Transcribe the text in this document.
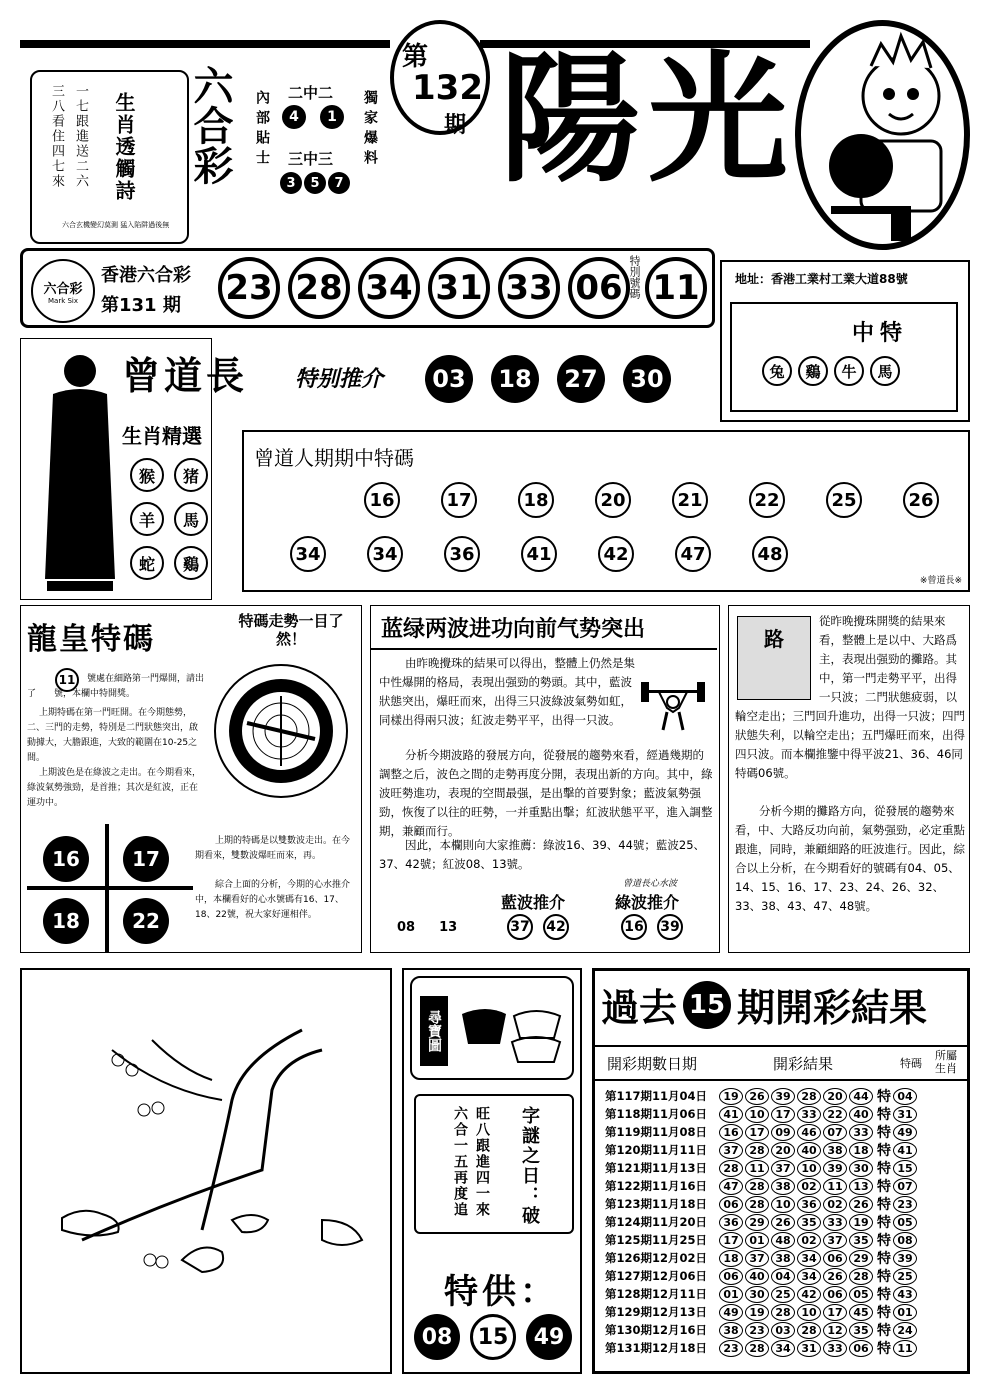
一七跟進送二六
三八看住四七來 生肖透觸詩
六合玄機變幻莫測 猛入陷阱過後無
六合彩 內部貼士 二中二
4	1
三中三
3	5	7
獨家爆料
第
132
期 陽光
六合彩
Mark Six
香港六合彩
第131 期 23 28 34 31 33 06 特別號碼 11	地址：香港工業村工業大道88號
中特
兔 鷄 牛 馬
曾道長 特别推介 03 18 27 30
生肖精選
猴 猪
羊 馬
蛇 鷄
曾道人期期中特碼
16	17	18	20	21	22	25	26
34	34	36	41	42	47	48
※曾道長※
龍皇特碼
特碼走勢一目了然！
11	號處在細路第一門爆開，請出了　　號，本欄中特開獎。
上期特碼在第一門旺開。在今期態勢，二、三門的走勢，特別是二門狀態突出，啟動據大，大膽跟進，大致的範圍在10-25之間。
上期波色是在綠波之走出。在今期看來，綠波氣勢強勁，是首推；其次是紅波，正在運功中。
16	17
18	22
上期的特碼是以雙數波走出。在今期看來，雙數波爆旺而來，再。
綜合上面的分析，今期的心水推介中，本欄看好的心水號碼有16、17、18、22號，祝大家好運相伴。
蓝绿两波进功向前气势突出
由昨晚攪珠的結果可以得出，整體上仍然是集中性爆開的格局，表現出强勁的勢頭。其中，藍波狀態突出，爆旺而來，出得三只波綠波氣勢如虹，同樣出得兩只波；紅波走勢平平，出得一只波。
分析今期波路的發展方向，從發展的趨勢來看，經過幾期的調整之后，波色之間的走勢再度分開，表現出新的方向。其中，綠波旺勢進功，表現的空間最强，是出擊的首要對象；藍波氣勢强勁，恢復了以往的旺勢，一并重點出擊；紅波狀態平平，進入調整期，兼顧而行。
因此，本欄則向大家推薦：綠波16、39、44號；藍波25、37、42號；紅波08、13號。
曾道長心水波
藍波推介	綠波推介
08 13	37 42	16 39
路
從昨晚攪珠開獎的結果來看，整體上是以中、大路爲主，表現出强勁的攤路。其中，第一門走勢平平，出得一只波；二門狀態疲弱，以輪空走出；三門回升進功，出得一只波；四門狀態失利，以輪空走出；五門爆旺而來，出得四只波。而本欄推鑒中得平波21、36、46同特碼06號。
分析今期的攤路方向，從發展的趨勢來看，中、大路反功向前，氣勢强勁，必定重點跟進，同時，兼顧細路的旺波進行。因此，綜合以上分析，在今期看好的號碼有04、05、14、15、16、17、23、24、26、32、33、38、43、47、48號。
尋寶圖
旺八跟進四一來
六合一五再度追	字謎之日：破
特供：
08 15 49
過去 15 期開彩結果
開彩期數日期	開彩結果	特碼
所屬生肖
第117期11月04日	19 26 39 28 20 44 特 04
第118期11月06日	41 10 17 33 22 40 特 31
第119期11月08日	16 17 09 46 07 33 特 49
第120期11月11日	37 28 20 40 38 18 特 41
第121期11月13日	28 11 37 10 39 30 特 15
第122期11月16日	47 28 38 02 11 13 特 07
第123期11月18日	06 28 10 36 02 26 特 23
第124期11月20日	36 29 26 35 33 19 特 05
第125期11月25日	17 01 48 02 37 35 特 08
第126期12月02日	18 37 38 34 06 29 特 39
第127期12月06日	06 40 04 34 26 28 特 25
第128期12月11日	01 30 25 42 06 05 特 43
第129期12月13日	49 19 28 10 17 45 特 01
第130期12月16日	38 23 03 28 12 35 特 24
第131期12月18日	23 28 34 31 33 06 特 11
